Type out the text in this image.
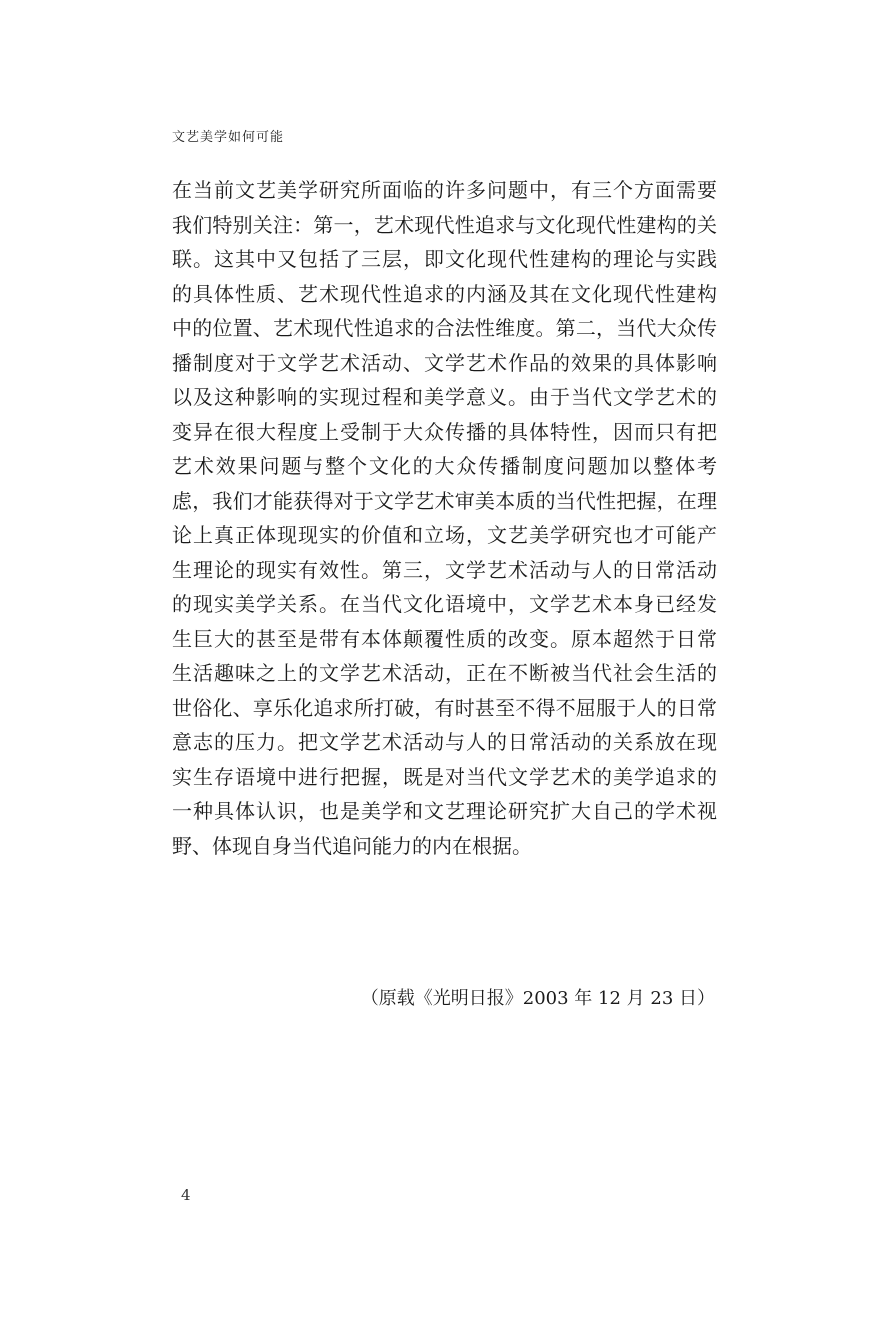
文艺美学如何可能
在当前文艺美学研究所面临的许多问题中，有三个方面需要
我们特别关注：第一，艺术现代性追求与文化现代性建构的关
联。这其中又包括了三层，即文化现代性建构的理论与实践
的具体性质、艺术现代性追求的内涵及其在文化现代性建构
中的位置、艺术现代性追求的合法性维度。第二，当代大众传
播制度对于文学艺术活动、文学艺术作品的效果的具体影响
以及这种影响的实现过程和美学意义。由于当代文学艺术的
变异在很大程度上受制于大众传播的具体特性，因而只有把
艺术效果问题与整个文化的大众传播制度问题加以整体考
虑，我们才能获得对于文学艺术审美本质的当代性把握，在理
论上真正体现现实的价值和立场，文艺美学研究也才可能产
生理论的现实有效性。第三，文学艺术活动与人的日常活动
的现实美学关系。在当代文化语境中，文学艺术本身已经发
生巨大的甚至是带有本体颠覆性质的改变。原本超然于日常
生活趣味之上的文学艺术活动，正在不断被当代社会生活的
世俗化、享乐化追求所打破，有时甚至不得不屈服于人的日常
意志的压力。把文学艺术活动与人的日常活动的关系放在现
实生存语境中进行把握，既是对当代文学艺术的美学追求的
一种具体认识，也是美学和文艺理论研究扩大自己的学术视
野、体现自身当代追问能力的内在根据。
（原载《光明日报》2003 年 12 月 23 日）
4
